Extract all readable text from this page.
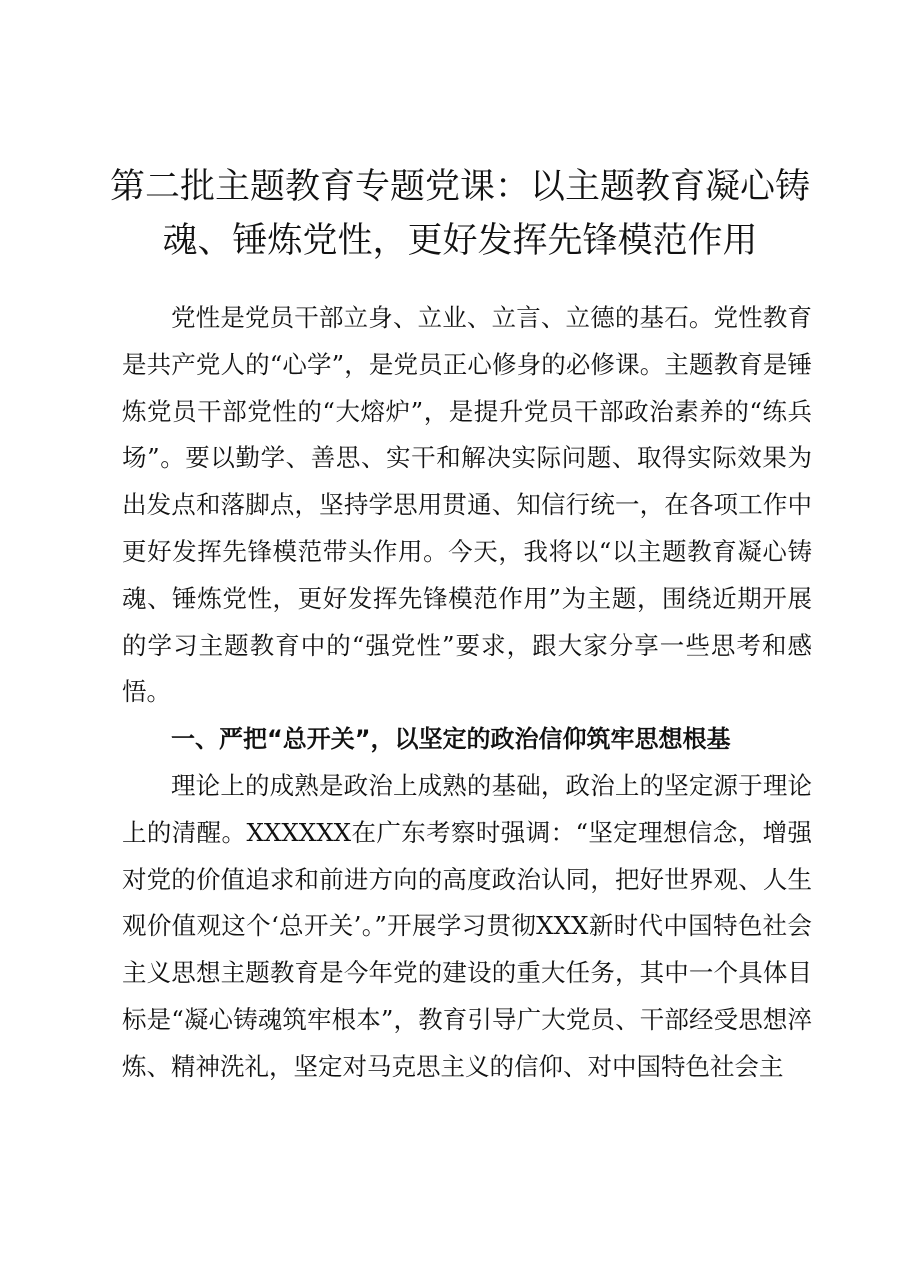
第二批主题教育专题党课：以主题教育凝心铸
魂、锤炼党性，更好发挥先锋模范作用

党性是党员干部立身、立业、立言、立德的基石。党性教育是共产党人的“心学”，是党员正心修身的必修课。主题教育是锤炼党员干部党性的“大熔炉”，是提升党员干部政治素养的“练兵场”。要以勤学、善思、实干和解决实际问题、取得实际效果为出发点和落脚点，坚持学思用贯通、知信行统一，在各项工作中更好发挥先锋模范带头作用。今天，我将以“以主题教育凝心铸魂、锤炼党性，更好发挥先锋模范作用”为主题，围绕近期开展的学习主题教育中的“强党性”要求，跟大家分享一些思考和感悟。

一、严把“总开关”，以坚定的政治信仰筑牢思想根基

理论上的成熟是政治上成熟的基础，政治上的坚定源于理论上的清醒。XXXXXX在广东考察时强调：“坚定理想信念，增强对党的价值追求和前进方向的高度政治认同，把好世界观、人生观价值观这个‘总开关’。”开展学习贯彻XXX新时代中国特色社会主义思想主题教育是今年党的建设的重大任务，其中一个具体目标是“凝心铸魂筑牢根本”，教育引导广大党员、干部经受思想淬炼、精神洗礼，坚定对马克思主义的信仰、对中国特色社会主
